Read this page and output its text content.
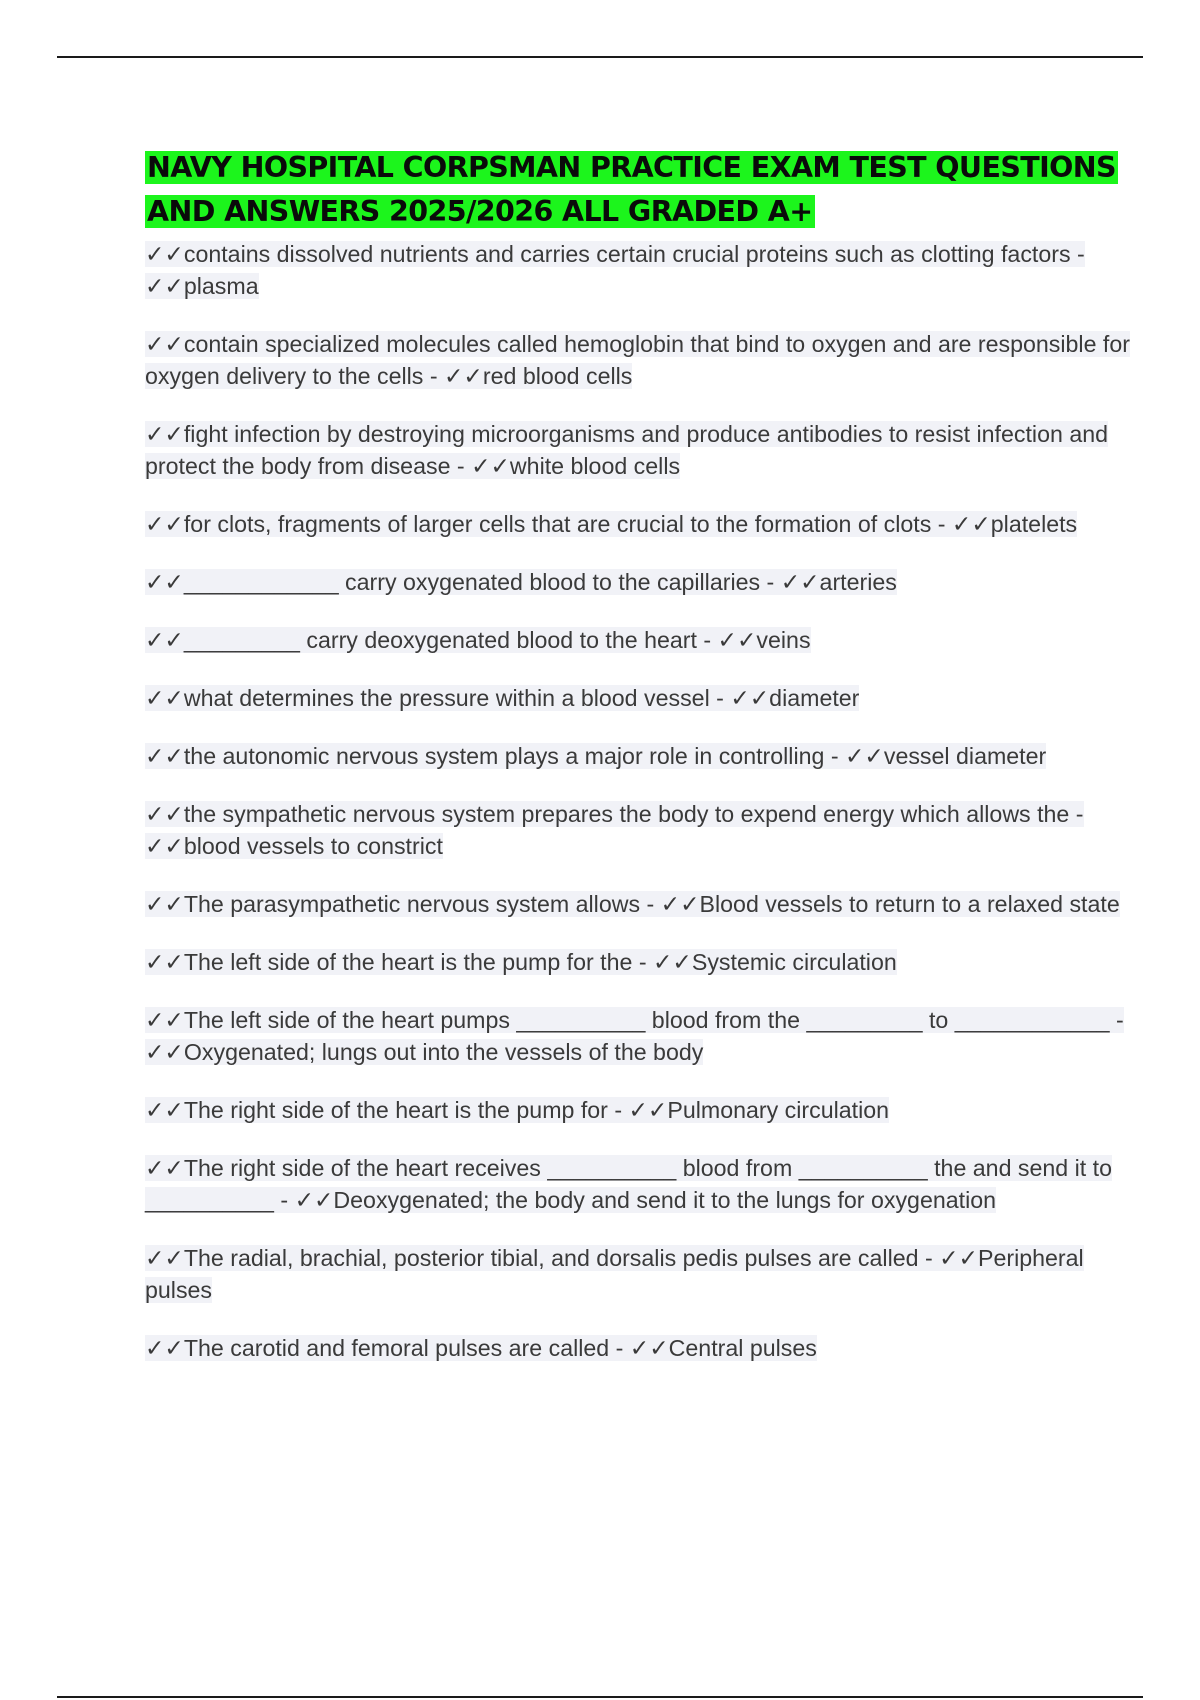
NAVY HOSPITAL CORPSMAN PRACTICE EXAM TEST QUESTIONS AND ANSWERS 2025/2026 ALL GRADED A+
✓✓contains dissolved nutrients and carries certain crucial proteins such as clotting factors - ✓✓plasma
✓✓contain specialized molecules called hemoglobin that bind to oxygen and are responsible for oxygen delivery to the cells - ✓✓red blood cells
✓✓fight infection by destroying microorganisms and produce antibodies to resist infection and protect the body from disease - ✓✓white blood cells
✓✓for clots, fragments of larger cells that are crucial to the formation of clots - ✓✓platelets
✓✓____________ carry oxygenated blood to the capillaries - ✓✓arteries
✓✓_________ carry deoxygenated blood to the heart - ✓✓veins
✓✓what determines the pressure within a blood vessel - ✓✓diameter
✓✓the autonomic nervous system plays a major role in controlling - ✓✓vessel diameter
✓✓the sympathetic nervous system prepares the body to expend energy which allows the - ✓✓blood vessels to constrict
✓✓The parasympathetic nervous system allows - ✓✓Blood vessels to return to a relaxed state
✓✓The left side of the heart is the pump for the - ✓✓Systemic circulation
✓✓The left side of the heart pumps __________ blood from the _________ to ____________ - ✓✓Oxygenated; lungs out into the vessels of the body
✓✓The right side of the heart is the pump for - ✓✓Pulmonary circulation
✓✓The right side of the heart receives __________ blood from __________ the and send it to __________ - ✓✓Deoxygenated; the body and send it to the lungs for oxygenation
✓✓The radial, brachial, posterior tibial, and dorsalis pedis pulses are called - ✓✓Peripheral pulses
✓✓The carotid and femoral pulses are called - ✓✓Central pulses
